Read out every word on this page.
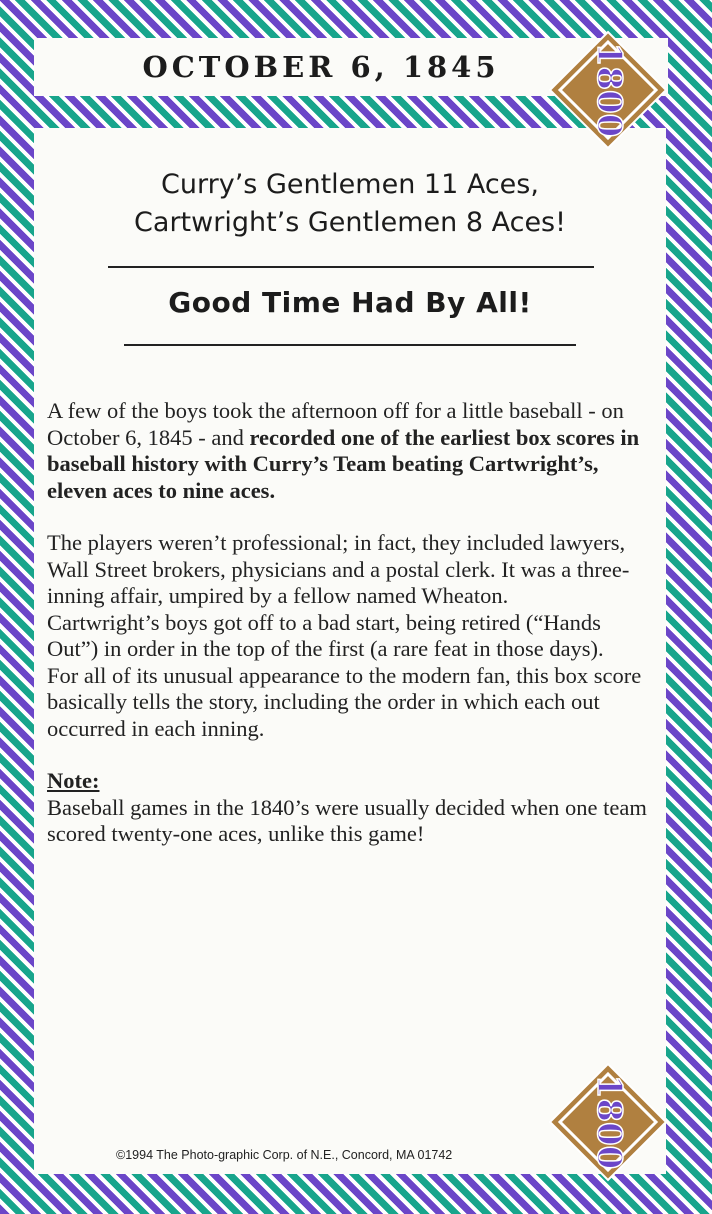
OCTOBER 6, 1845
Curry’s Gentlemen 11 Aces,
Cartwright’s Gentlemen 8 Aces!
Good Time Had By All!

A few of the boys took the afternoon off for a little baseball - on October 6, 1845 - and recorded one of the earliest box scores in baseball history with Curry’s Team beating Cartwright’s, eleven aces to nine aces.

The players weren’t professional; in fact, they included lawyers, Wall Street brokers, physicians and a postal clerk. It was a three-inning affair, umpired by a fellow named Wheaton.

Cartwright’s boys got off to a bad start, being retired (“Hands Out”) in order in the top of the first (a rare feat in those days).

For all of its unusual appearance to the modern fan, this box score basically tells the story, including the order in which each out occurred in each inning.

Note:

Baseball games in the 1840’s were usually decided when one team scored twenty-one aces, unlike this game!

©1994 The Photo-graphic Corp. of N.E., Concord, MA 01742
1800
1800
